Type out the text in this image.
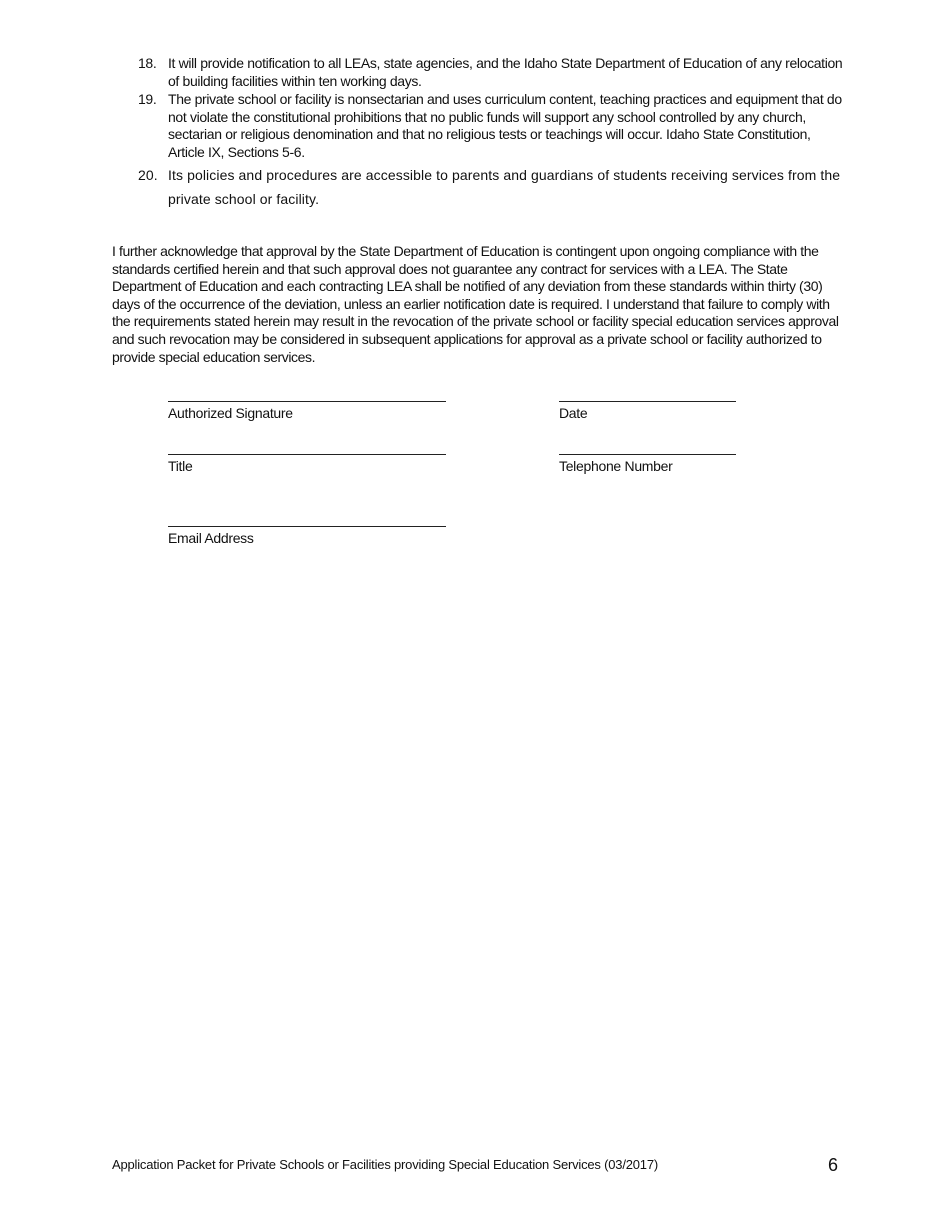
18. It will provide notification to all LEAs, state agencies, and the Idaho State Department of Education of any relocation of building facilities within ten working days.
19. The private school or facility is nonsectarian and uses curriculum content, teaching practices and equipment that do not violate the constitutional prohibitions that no public funds will support any school controlled by any church, sectarian or religious denomination and that no religious tests or teachings will occur. Idaho State Constitution, Article IX, Sections 5-6.
20. Its policies and procedures are accessible to parents and guardians of students receiving services from the private school or facility.
I further acknowledge that approval by the State Department of Education is contingent upon ongoing compliance with the standards certified herein and that such approval does not guarantee any contract for services with a LEA. The State Department of Education and each contracting LEA shall be notified of any deviation from these standards within thirty (30) days of the occurrence of the deviation, unless an earlier notification date is required. I understand that failure to comply with the requirements stated herein may result in the revocation of the private school or facility special education services approval and such revocation may be considered in subsequent applications for approval as a private school or facility authorized to provide special education services.
Authorized Signature	Date
Title	Telephone Number
Email Address
Application Packet for Private Schools or Facilities providing Special Education Services (03/2017)	6
